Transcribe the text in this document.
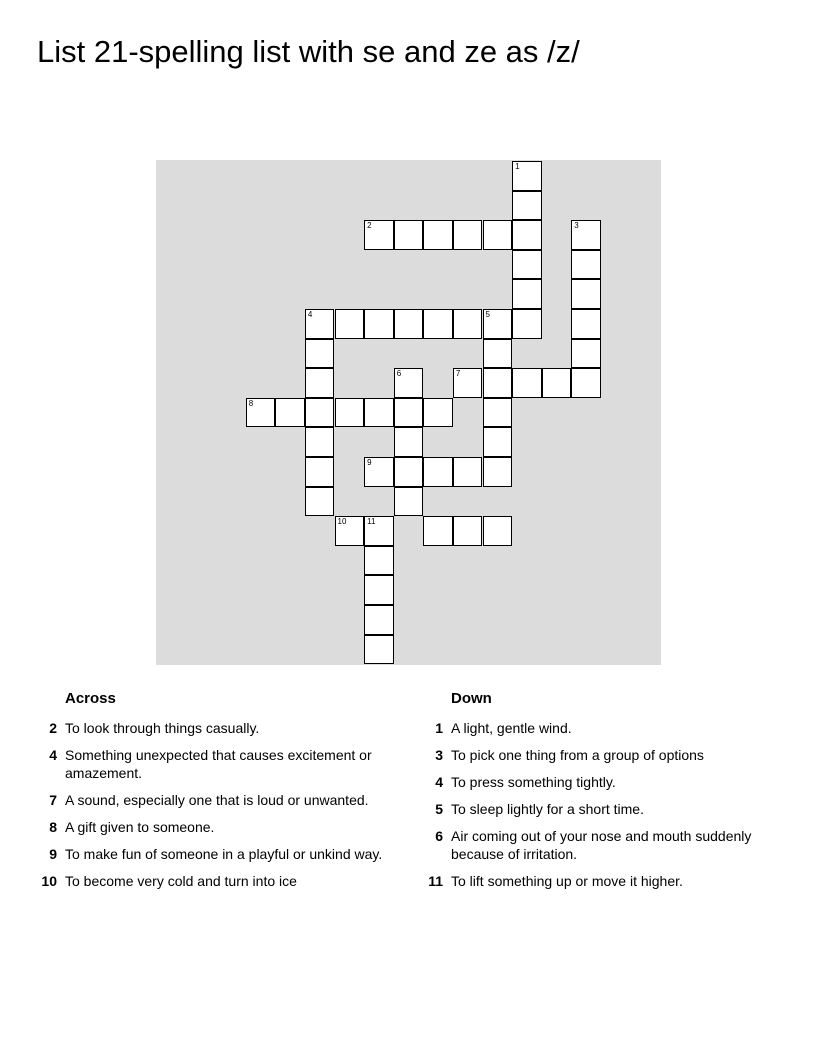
List 21-spelling list with se and ze as /z/
1
2	3
4	5
6	7
8
9
10	11
Across
2 To look through things casually.
4 Something unexpected that causes excitement or amazement.
7 A sound, especially one that is loud or unwanted.
8 A gift given to someone.
9 To make fun of someone in a playful or unkind way.
10 To become very cold and turn into ice
Down
1 A light, gentle wind.
3 To pick one thing from a group of options
4 To press something tightly.
5 To sleep lightly for a short time.
6 Air coming out of your nose and mouth suddenly because of irritation.
11 To lift something up or move it higher.
